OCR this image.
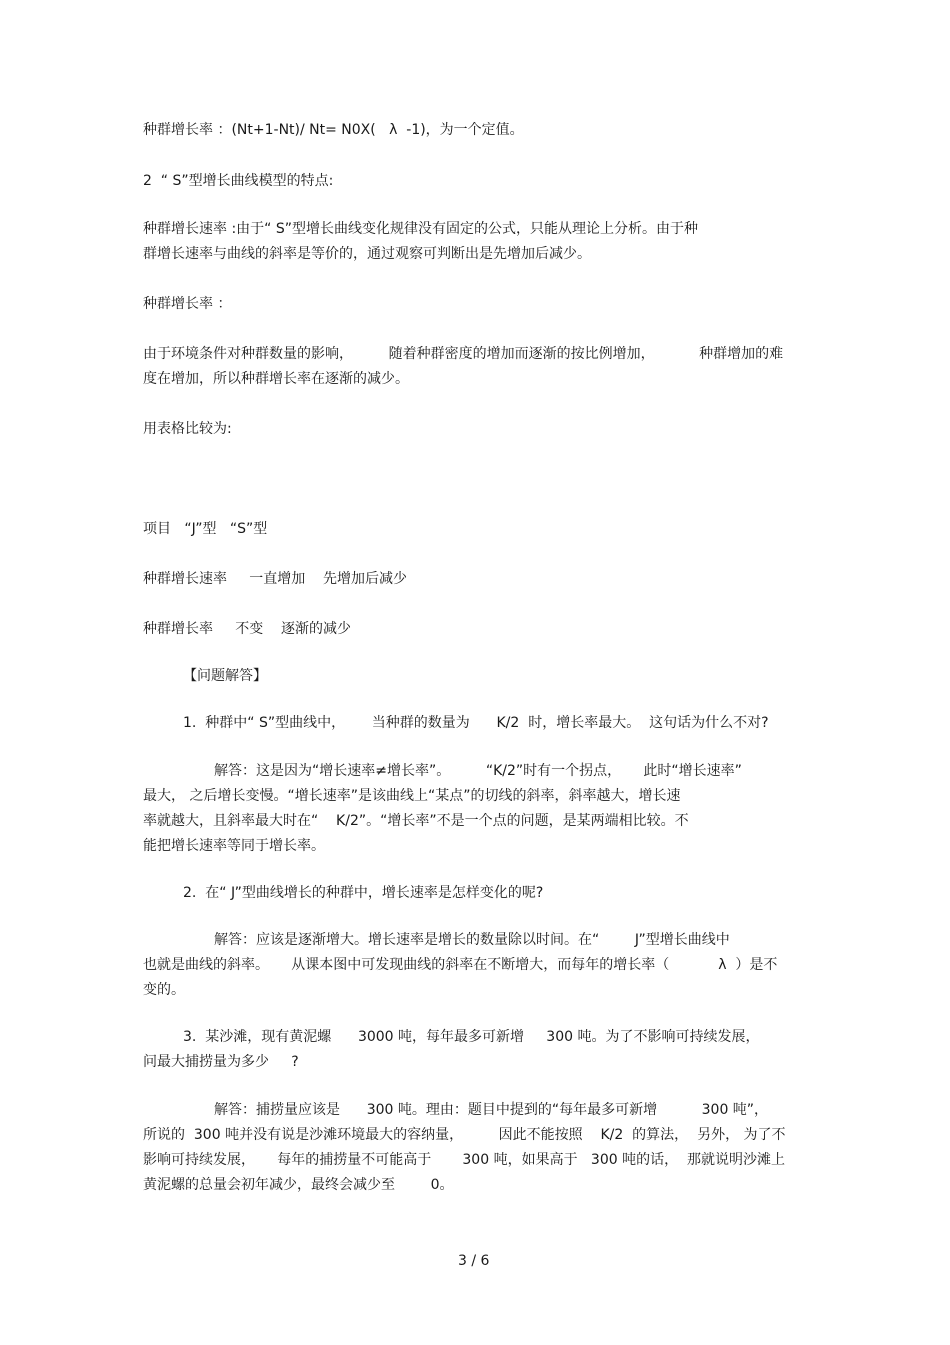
种群增长率 ：(Nt+1-Nt)/ Nt= N0X(   λ  -1)，为一个定值。
2  “ S”型增长曲线模型的特点:
种群增长速率 :由于“ S”型增长曲线变化规律没有固定的公式，只能从理论上分析。由于种
群增长速率与曲线的斜率是等价的，通过观察可判断出是先增加后减少。
种群增长率 ：
由于环境条件对种群数量的影响，        随着种群密度的增加而逐渐的按比例增加，          种群增加的难
度在增加，所以种群增长率在逐渐的减少。
用表格比较为:
项目   “J”型   “S”型
种群增长速率     一直增加    先增加后减少
种群增长率     不变    逐渐的减少
【问题解答】
1.  种群中“ S”型曲线中，      当种群的数量为      K/2  时，增长率最大。  这句话为什么不对?
解答：这是因为“增长速率≠增长率”。        “K/2”时有一个拐点，     此时“增长速率”
最大， 之后增长变慢。“增长速率”是该曲线上“某点”的切线的斜率，斜率越大，增长速
率就越大，且斜率最大时在“    K/2”。“增长率”不是一个点的问题，是某两端相比较。不
能把增长速率等同于增长率。
2.  在“ J”型曲线增长的种群中，增长速率是怎样变化的呢?
解答：应该是逐渐增大。增长速率是增长的数量除以时间。在“        J”型增长曲线中
也就是曲线的斜率。     从课本图中可发现曲线的斜率在不断增大，而每年的增长率（           λ  ）是不
变的。
3.  某沙滩，现有黄泥螺      3000 吨，每年最多可新增     300 吨。为了不影响可持续发展，
问最大捕捞量为多少     ?
解答：捕捞量应该是      300 吨。理由：题目中提到的“每年最多可新增          300 吨”，
所说的  300 吨并没有说是沙滩环境最大的容纳量，        因此不能按照    K/2  的算法，  另外， 为了不
影响可持续发展，     每年的捕捞量不可能高于       300 吨，如果高于   300 吨的话，  那就说明沙滩上
黄泥螺的总量会初年减少，最终会减少至        0。
3 / 6
